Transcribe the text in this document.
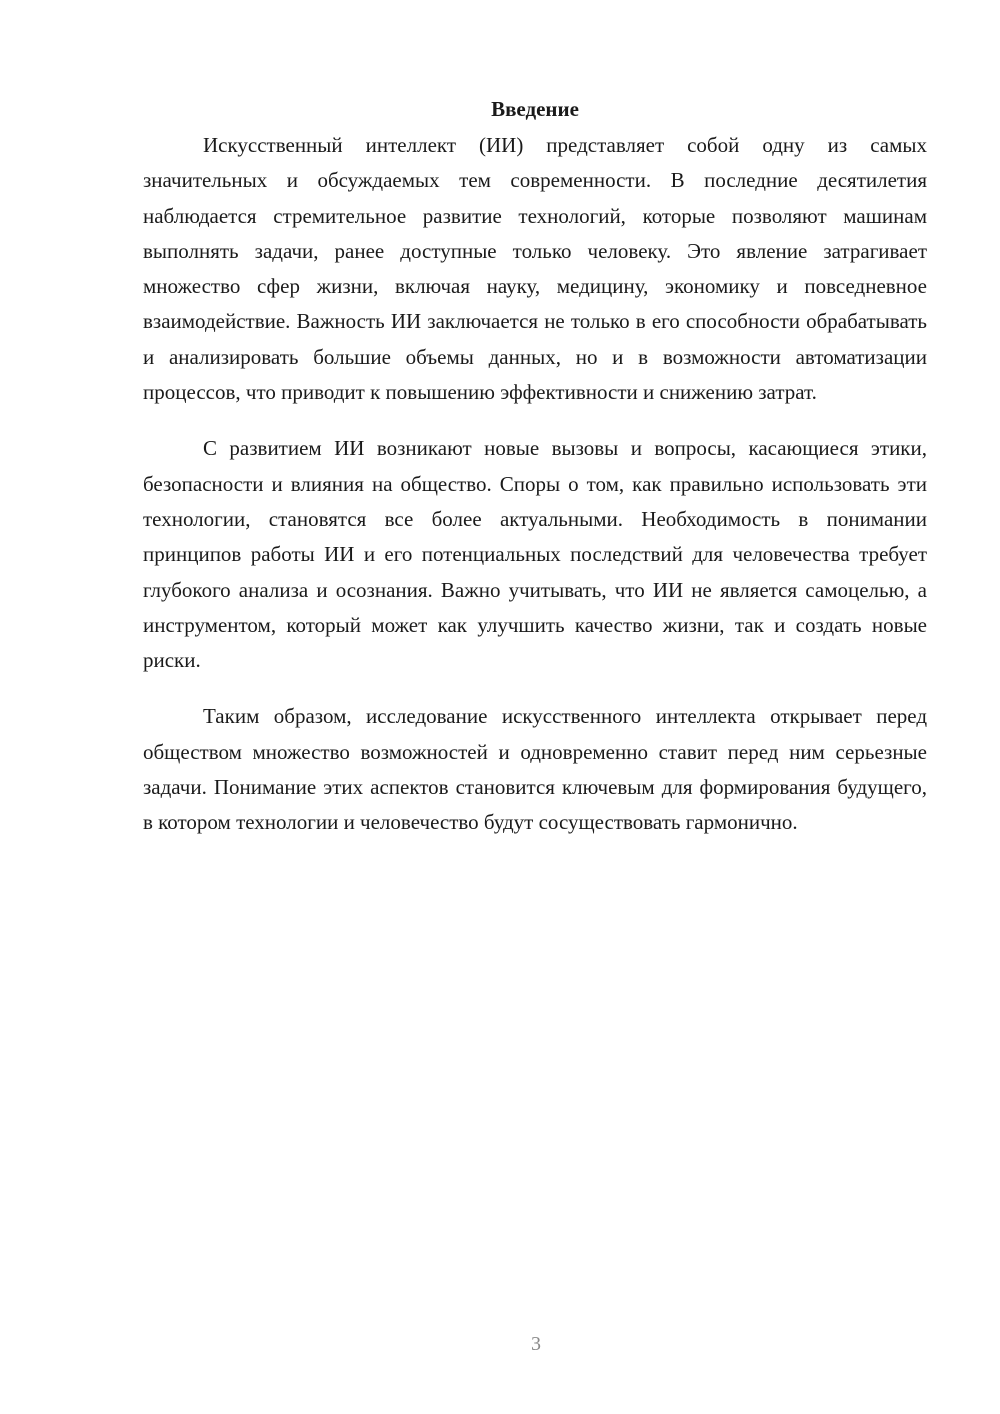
Введение

Искусственный интеллект (ИИ) представляет собой одну из самых значительных и обсуждаемых тем современности. В последние десятилетия наблюдается стремительное развитие технологий, которые позволяют машинам выполнять задачи, ранее доступные только человеку. Это явление затрагивает множество сфер жизни, включая науку, медицину, экономику и повседневное взаимодействие. Важность ИИ заключается не только в его способности обрабатывать и анализировать большие объемы данных, но и в возможности автоматизации процессов, что приводит к повышению эффективности и снижению затрат.

С развитием ИИ возникают новые вызовы и вопросы, касающиеся этики, безопасности и влияния на общество. Споры о том, как правильно использовать эти технологии, становятся все более актуальными. Необходимость в понимании принципов работы ИИ и его потенциальных последствий для человечества требует глубокого анализа и осознания. Важно учитывать, что ИИ не является самоцелью, а инструментом, который может как улучшить качество жизни, так и создать новые риски.

Таким образом, исследование искусственного интеллекта открывает перед обществом множество возможностей и одновременно ставит перед ним серьезные задачи. Понимание этих аспектов становится ключевым для формирования будущего, в котором технологии и человечество будут сосуществовать гармонично.

3
